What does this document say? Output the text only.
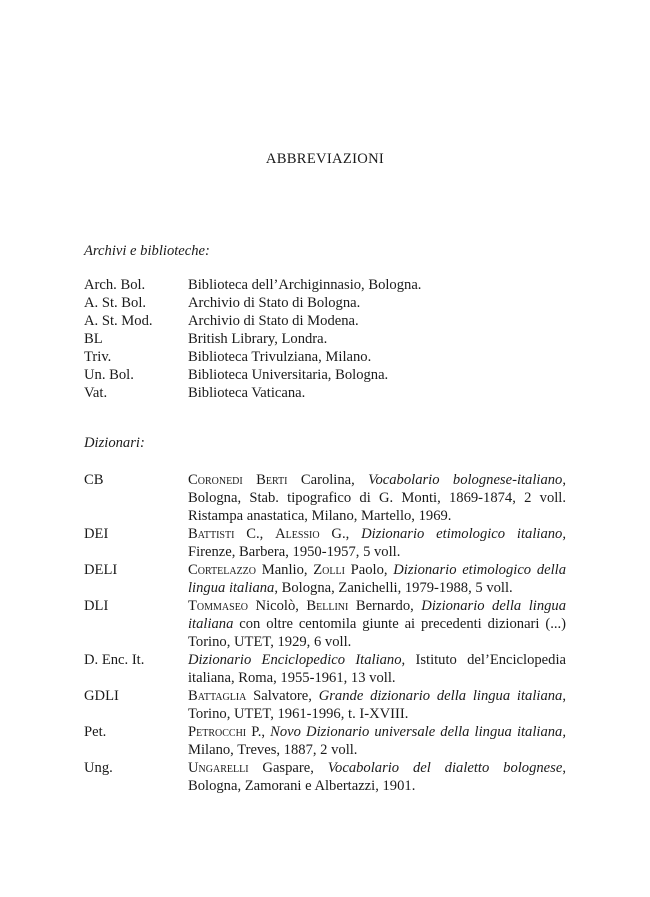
ABBREVIAZIONI
Archivi e biblioteche:
Arch. Bol.	Biblioteca dell’Archiginnasio, Bologna.
A. St. Bol.	Archivio di Stato di Bologna.
A. St. Mod.	Archivio di Stato di Modena.
BL	British Library, Londra.
Triv.	Biblioteca Trivulziana, Milano.
Un. Bol.	Biblioteca Universitaria, Bologna.
Vat.	Biblioteca Vaticana.
Dizionari:
CB	Coronedi Berti Carolina, Vocabolario bolognese-italiano, Bologna, Stab. tipografico di G. Monti, 1869-1874, 2 voll. Ristampa anastatica, Milano, Martello, 1969.
DEI	Battisti C., Alessio G., Dizionario etimologico italiano, Firenze, Barbera, 1950-1957, 5 voll.
DELI	Cortelazzo Manlio, Zolli Paolo, Dizionario etimologico della lingua italiana, Bologna, Zanichelli, 1979-1988, 5 voll.
DLI	Tommaseo Nicolò, Bellini Bernardo, Dizionario della lingua italiana con oltre centomila giunte ai precedenti dizionari (...) Torino, UTET, 1929, 6 voll.
D. Enc. It.	Dizionario Enciclopedico Italiano, Istituto del’Enciclopedia italiana, Roma, 1955-1961, 13 voll.
GDLI	Battaglia Salvatore, Grande dizionario della lingua italiana, Torino, UTET, 1961-1996, t. I-XVIII.
Pet.	Petrocchi P., Novo Dizionario universale della lingua italiana, Milano, Treves, 1887, 2 voll.
Ung.	Ungarelli Gaspare, Vocabolario del dialetto bolognese, Bologna, Zamorani e Albertazzi, 1901.
